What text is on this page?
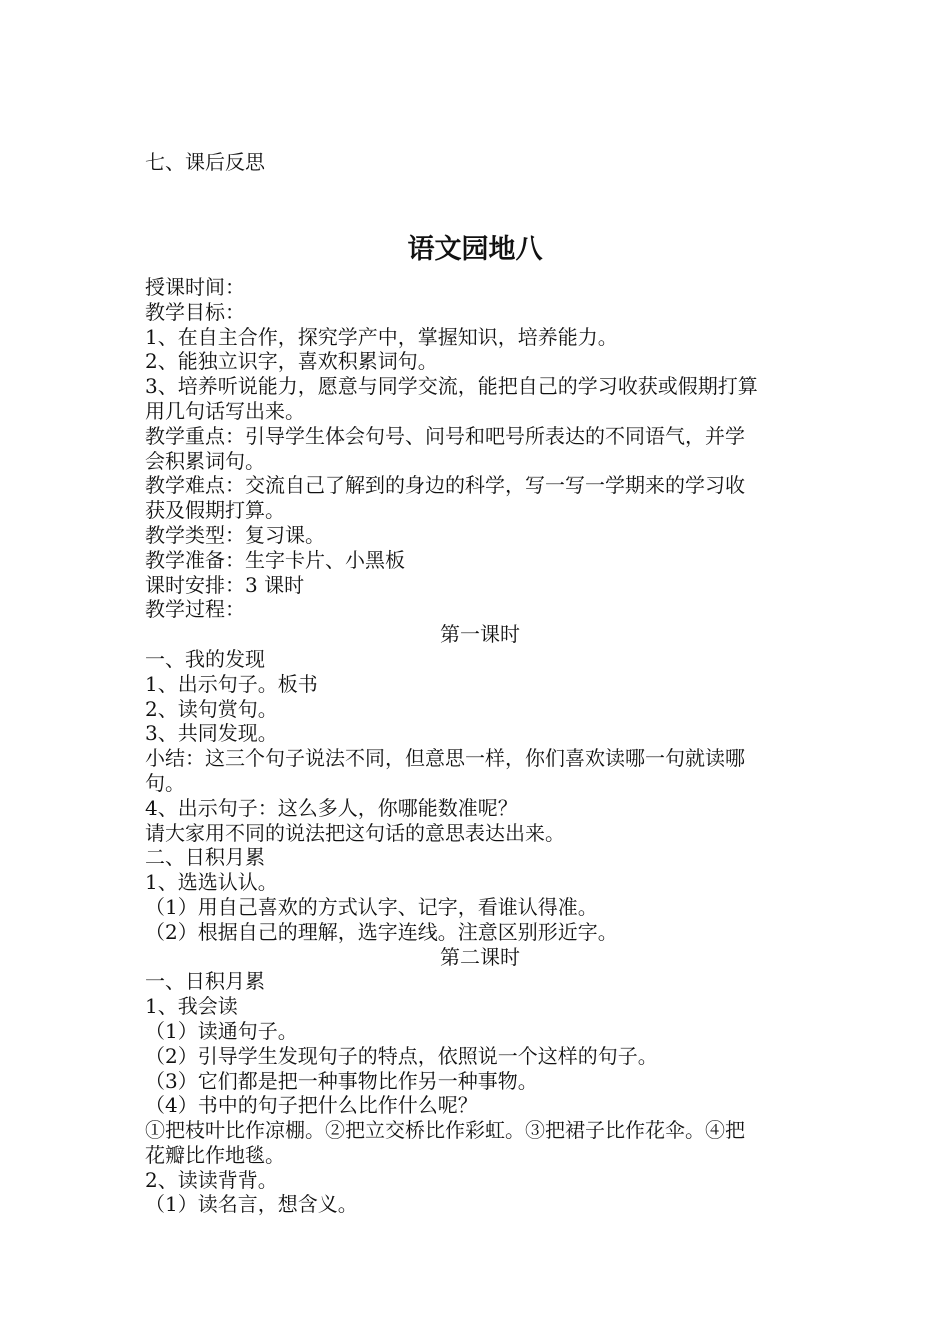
七、课后反思
语文园地八
授课时间：
教学目标：
1、在自主合作，探究学产中，掌握知识，培养能力。
2、能独立识字，喜欢积累词句。
3、培养听说能力，愿意与同学交流，能把自己的学习收获或假期打算
用几句话写出来。
教学重点：引导学生体会句号、问号和吧号所表达的不同语气，并学
会积累词句。
教学难点：交流自己了解到的身边的科学，写一写一学期来的学习收
获及假期打算。
教学类型：复习课。
教学准备：生字卡片、小黑板
课时安排：3 课时
教学过程：
第一课时
一、我的发现
1、出示句子。板书
2、读句赏句。
3、共同发现。
小结：这三个句子说法不同，但意思一样，你们喜欢读哪一句就读哪
句。
4、出示句子：这么多人，你哪能数准呢？
请大家用不同的说法把这句话的意思表达出来。
二、日积月累
1、选选认认。
（1）用自己喜欢的方式认字、记字，看谁认得准。
（2）根据自己的理解，选字连线。注意区别形近字。
第二课时
一、日积月累
1、我会读
（1）读通句子。
（2）引导学生发现句子的特点，依照说一个这样的句子。
（3）它们都是把一种事物比作另一种事物。
（4）书中的句子把什么比作什么呢？
①把枝叶比作凉棚。②把立交桥比作彩虹。③把裙子比作花伞。④把
花瓣比作地毯。
2、读读背背。
（1）读名言，想含义。
